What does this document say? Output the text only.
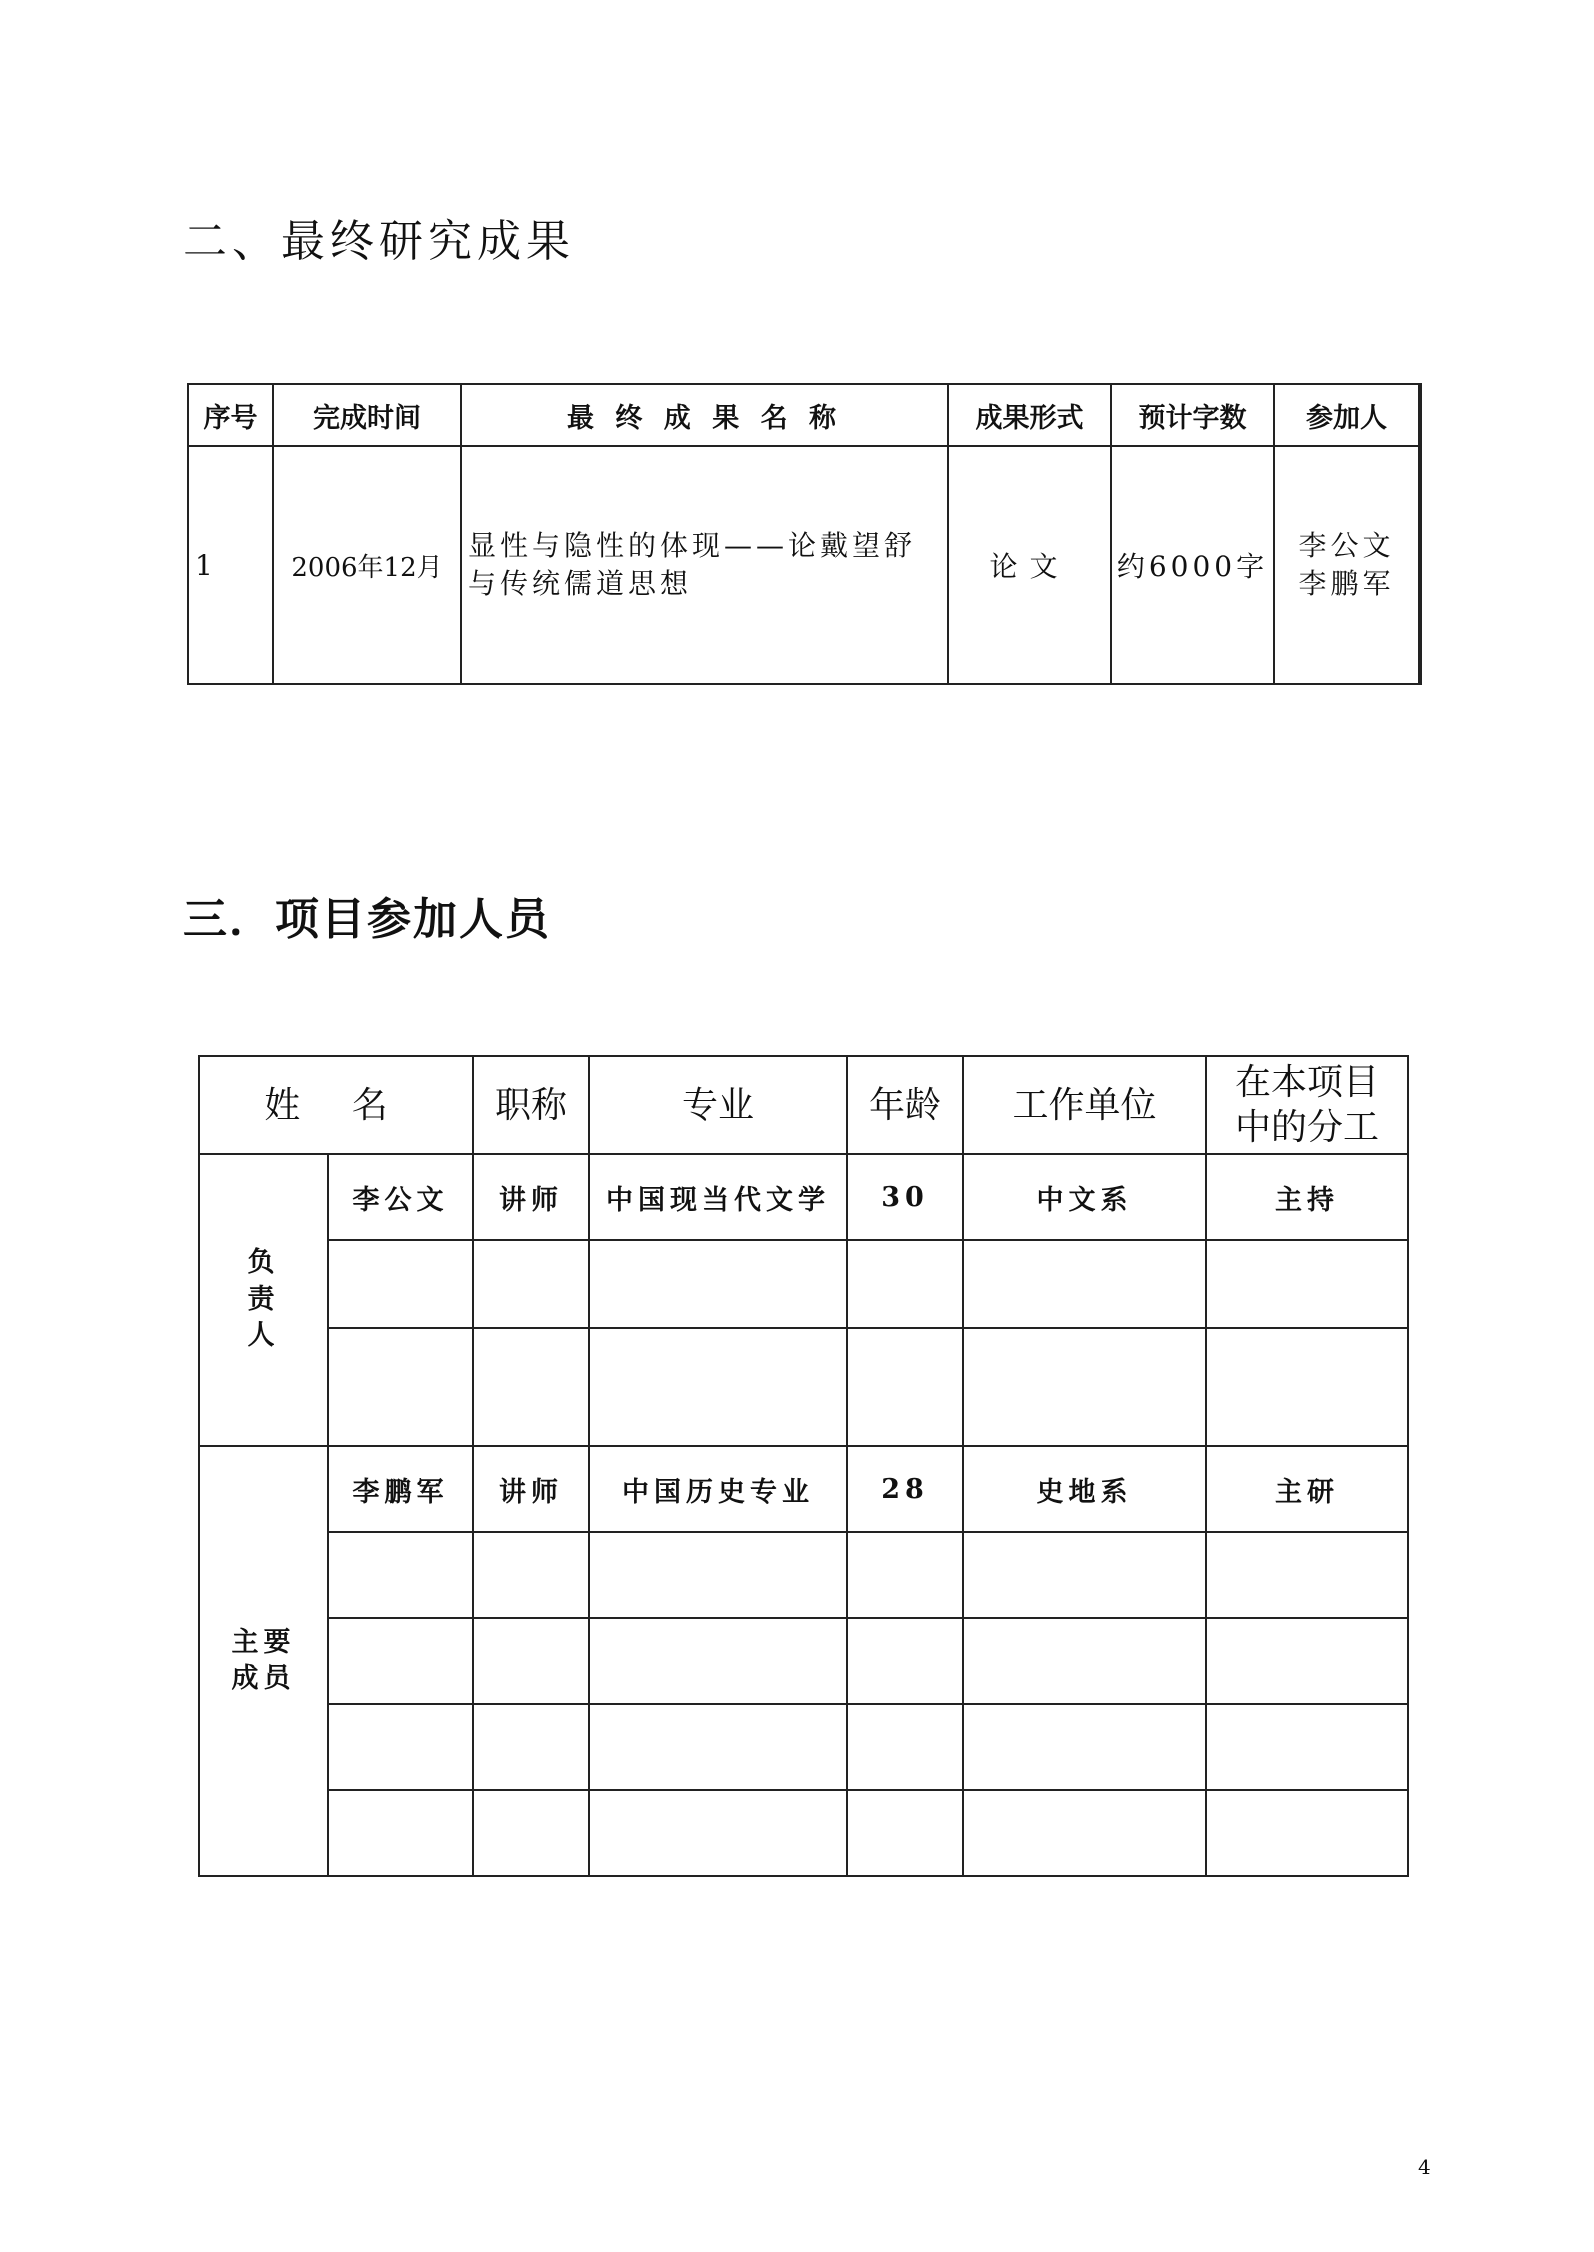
二、最终研究成果
序号	完成时间	最 终 成 果 名 称	成果形式	预计字数	参加人
1	2006年12月	显性与隐性的体现——论戴望舒与传统儒道思想	论文	约6000字	李公文
李鹏军
三．项目参加人员
姓 名		职称	专业	年龄	工作单位	在本项目
中的分工

负
责
人	李公文	讲师	中国现当代文学	30	中文系	主持

主要
成员	李鹏军	讲师	中国历史专业	28	史地系	主研

4
